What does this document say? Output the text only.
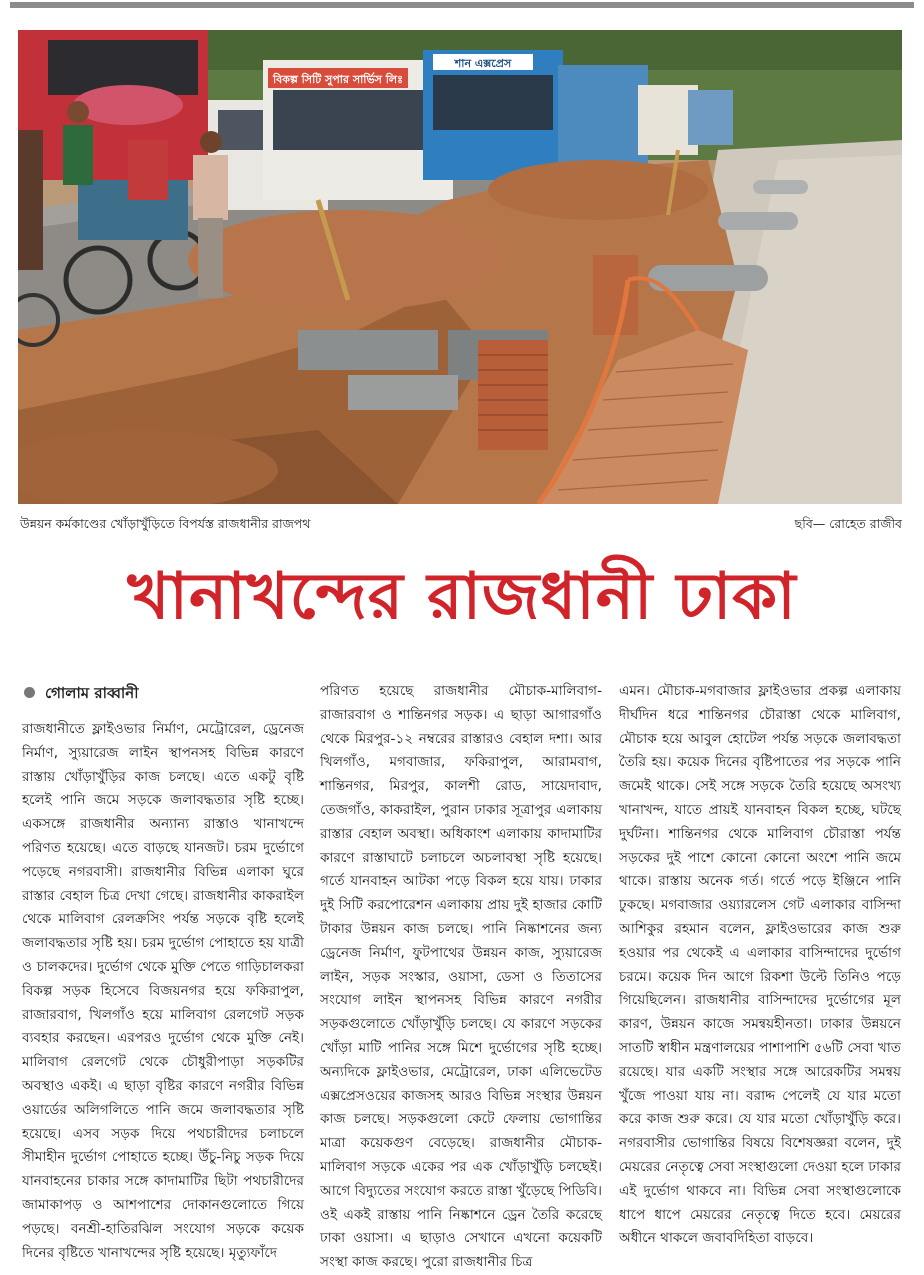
বিকল্প সিটি সুপার সার্ভিস লিঃ
শান এক্সপ্রেস
উন্নয়ন কর্মকাণ্ডের খোঁড়াখুঁড়িতে বিপর্যস্ত রাজধানীর রাজপথ	ছবি— রোহেত রাজীব
খানাখন্দের রাজধানী ঢাকা
গোলাম রাব্বানী

রাজধানীতে ফ্লাইওভার নির্মাণ, মেট্রোরেল, ড্রেনেজ নির্মাণ, স্যুয়ারেজ লাইন স্থাপনসহ বিভিন্ন কারণে রাস্তায় খোঁড়াখুঁড়ির কাজ চলছে। এতে একটু বৃষ্টি হলেই পানি জমে সড়কে জলাবদ্ধতার সৃষ্টি হচ্ছে। একসঙ্গে রাজধানীর অন্যান্য রাস্তাও খানাখন্দে পরিণত হয়েছে। এতে বাড়ছে যানজট। চরম দুর্ভোগে পড়েছে নগরবাসী। রাজধানীর বিভিন্ন এলাকা ঘুরে রাস্তার বেহাল চিত্র দেখা গেছে। রাজধানীর কাকরাইল থেকে মালিবাগ রেলক্রসিং পর্যন্ত সড়কে বৃষ্টি হলেই জলাবদ্ধতার সৃষ্টি হয়। চরম দুর্ভোগ পোহাতে হয় যাত্রী ও চালকদের। দুর্ভোগ থেকে মুক্তি পেতে গাড়িচালকরা বিকল্প সড়ক হিসেবে বিজয়নগর হয়ে ফকিরাপুল, রাজারবাগ, খিলগাঁও হয়ে মালিবাগ রেলগেট সড়ক ব্যবহার করছেন। এরপরও দুর্ভোগ থেকে মুক্তি নেই। মালিবাগ রেলগেট থেকে চৌধুরীপাড়া সড়কটির অবস্থাও একই। এ ছাড়া বৃষ্টির কারণে নগরীর বিভিন্ন ওয়ার্ডের অলিগলিতে পানি জমে জলাবদ্ধতার সৃষ্টি হয়েছে। এসব সড়ক দিয়ে পথচারীদের চলাচলে সীমাহীন দুর্ভোগ পোহাতে হচ্ছে। উঁচু-নিচু সড়ক দিয়ে যানবাহনের চাকার সঙ্গে কাদামাটির ছিটা পথচারীদের জামাকাপড় ও আশপাশের দোকানগুলোতে গিয়ে পড়ছে। বনশ্রী-হাতিরঝিল সংযোগ সড়কে কয়েক দিনের বৃষ্টিতে খানাখন্দের সৃষ্টি হয়েছে। মৃত্যুফাঁদে

পরিণত হয়েছে রাজধানীর মৌচাক-মালিবাগ-রাজারবাগ ও শান্তিনগর সড়ক। এ ছাড়া আগারগাঁও থেকে মিরপুর-১২ নম্বরের রাস্তারও বেহাল দশা। আর খিলগাঁও, মগবাজার, ফকিরাপুল, আরামবাগ, শান্তিনগর, মিরপুর, কালশী রোড, সায়েদাবাদ, তেজগাঁও, কাকরাইল, পুরান ঢাকার সূত্রাপুর এলাকায় রাস্তার বেহাল অবস্থা। অধিকাংশ এলাকায় কাদামাটির কারণে রাস্তাঘাটে চলাচলে অচলাবস্থা সৃষ্টি হয়েছে। গর্তে যানবাহন আটকা পড়ে বিকল হয়ে যায়। ঢাকার দুই সিটি করপোরেশন এলাকায় প্রায় দুই হাজার কোটি টাকার উন্নয়ন কাজ চলছে। পানি নিষ্কাশনের জন্য ড্রেনেজ নির্মাণ, ফুটপাথের উন্নয়ন কাজ, স্যুয়ারেজ লাইন, সড়ক সংস্কার, ওয়াসা, ডেসা ও তিতাসের সংযোগ লাইন স্থাপনসহ বিভিন্ন কারণে নগরীর সড়কগুলোতে খোঁড়াখুঁড়ি চলছে। যে কারণে সড়কের খোঁড়া মাটি পানির সঙ্গে মিশে দুর্ভোগের সৃষ্টি হচ্ছে। অন্যদিকে ফ্লাইওভার, মেট্রোরেল, ঢাকা এলিভেটেড এক্সপ্রেসওয়ের কাজসহ আরও বিভিন্ন সংস্থার উন্নয়ন কাজ চলছে। সড়কগুলো কেটে ফেলায় ভোগান্তির মাত্রা কয়েকগুণ বেড়েছে। রাজধানীর মৌচাক-মালিবাগ সড়কে একের পর এক খোঁড়াখুঁড়ি চলছেই। আগে বিদ্যুতের সংযোগ করতে রাস্তা খুঁড়েছে পিডিবি। ওই একই রাস্তায় পানি নিষ্কাশনে ড্রেন তৈরি করেছে ঢাকা ওয়াসা। এ ছাড়াও সেখানে এখনো কয়েকটি সংস্থা কাজ করছে। পুরো রাজধানীর চিত্র

এমন। মৌচাক-মগবাজার ফ্লাইওভার প্রকল্প এলাকায় দীর্ঘদিন ধরে শান্তিনগর চৌরাস্তা থেকে মালিবাগ, মৌচাক হয়ে আবুল হোটেল পর্যন্ত সড়কে জলাবদ্ধতা তৈরি হয়। কয়েক দিনের বৃষ্টিপাতের পর সড়কে পানি জমেই থাকে। সেই সঙ্গে সড়কে তৈরি হয়েছে অসংখ্য খানাখন্দ, যাতে প্রায়ই যানবাহন বিকল হচ্ছে, ঘটছে দুর্ঘটনা। শান্তিনগর থেকে মালিবাগ চৌরাস্তা পর্যন্ত সড়কের দুই পাশে কোনো কোনো অংশে পানি জমে থাকে। রাস্তায় অনেক গর্ত। গর্তে পড়ে ইঞ্জিনে পানি ঢুকছে। মগবাজার ওয়্যারলেস গেট এলাকার বাসিন্দা আশিকুর রহমান বলেন, ফ্লাইওভারের কাজ শুরু হওয়ার পর থেকেই এ এলাকার বাসিন্দাদের দুর্ভোগ চরমে। কয়েক দিন আগে রিকশা উল্টে তিনিও পড়ে গিয়েছিলেন। রাজধানীর বাসিন্দাদের দুর্ভোগের মূল কারণ, উন্নয়ন কাজে সমন্বয়হীনতা। ঢাকার উন্নয়নে সাতটি স্বাধীন মন্ত্রণালয়ের পাশাপাশি ৫৬টি সেবা খাত রয়েছে। যার একটি সংস্থার সঙ্গে আরেকটির সমন্বয় খুঁজে পাওয়া যায় না। বরাদ্দ পেলেই যে যার মতো করে কাজ শুরু করে। যে যার মতো খোঁড়াখুঁড়ি করে। নগরবাসীর ভোগান্তির বিষয়ে বিশেষজ্ঞরা বলেন, দুই মেয়রের নেতৃত্বে সেবা সংস্থাগুলো দেওয়া হলে ঢাকার এই দুর্ভোগ থাকবে না। বিভিন্ন সেবা সংস্থাগুলোকে ধাপে ধাপে মেয়রের নেতৃত্বে দিতে হবে। মেয়রের অধীনে থাকলে জবাবদিহিতা বাড়বে।
